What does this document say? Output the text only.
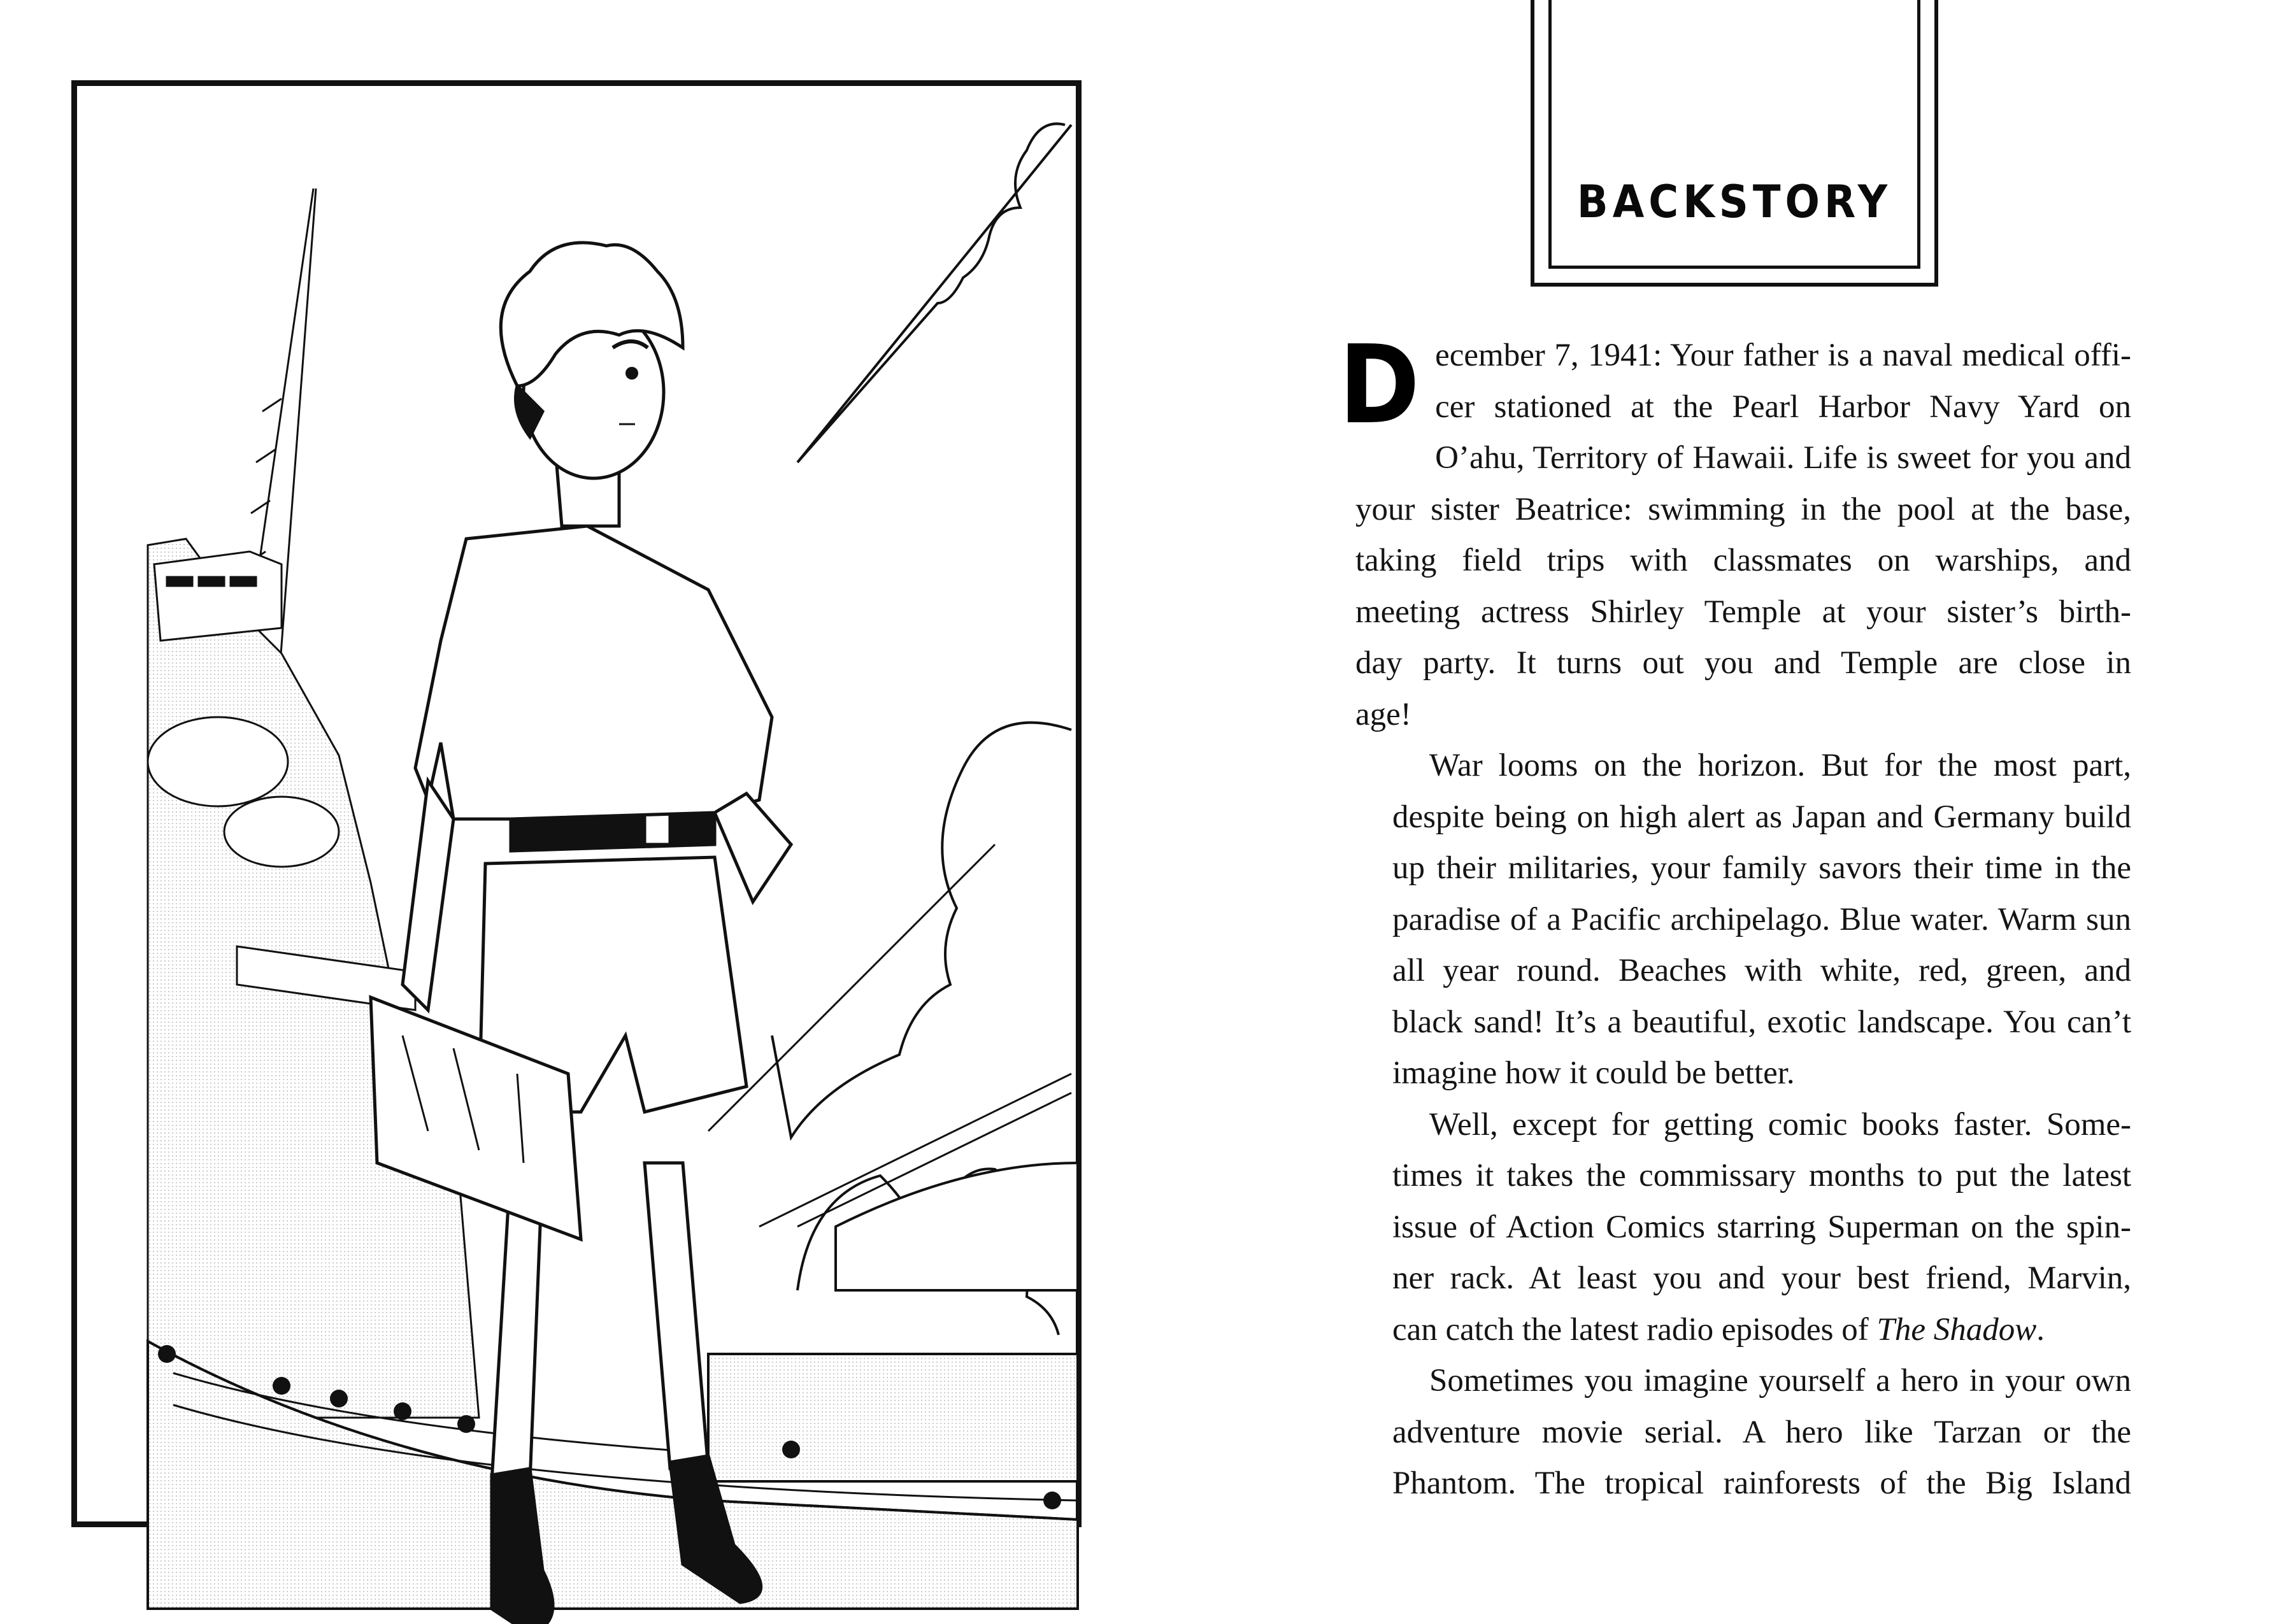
BACKSTORY

D ecember 7, 1941: Your father is a naval medical offi-
cer stationed at the Pearl Harbor Navy Yard on
O’ahu, Territory of Hawaii. Life is sweet for you and
your sister Beatrice: swimming in the pool at the base,
taking field trips with classmates on warships, and
meeting actress Shirley Temple at your sister’s birth-
day party. It turns out you and Temple are close in
age!

War looms on the horizon. But for the most part,
despite being on high alert as Japan and Germany build
up their militaries, your family savors their time in the
paradise of a Pacific archipelago. Blue water. Warm sun
all year round. Beaches with white, red, green, and
black sand! It’s a beautiful, exotic landscape. You can’t
imagine how it could be better.

Well, except for getting comic books faster. Some-
times it takes the commissary months to put the latest
issue of Action Comics starring Superman on the spin-
ner rack. At least you and your best friend, Marvin,
can catch the latest radio episodes of The Shadow.

Sometimes you imagine yourself a hero in your own
adventure movie serial. A hero like Tarzan or the
Phantom. The tropical rainforests of the Big Island
